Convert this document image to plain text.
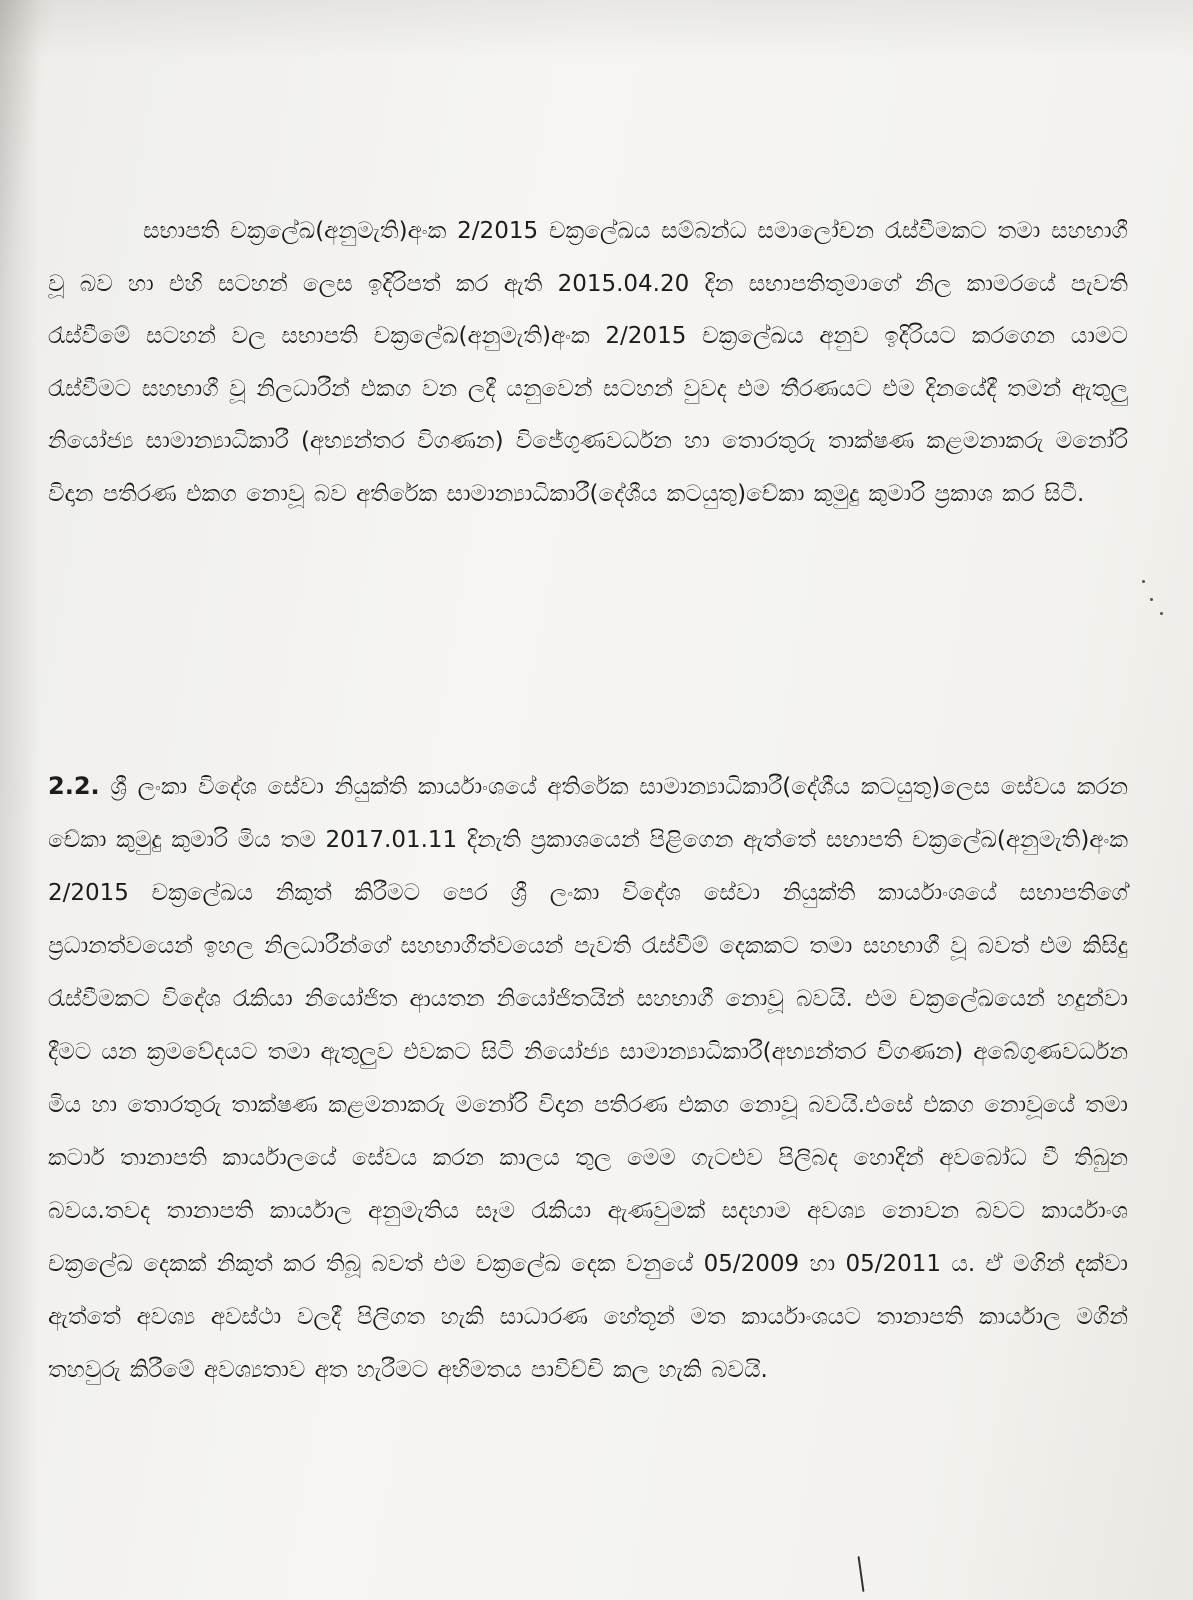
සභාපති චක්‍රලේඛ(අනුමැති)අංක 2/2015 චක්‍රලේඛය සම්බන්ධ සමාලෝචන රැස්වීමකට තමා සහභාගී වූ බව හා එහි සටහන් ලෙස ඉදිරිපත් කර ඇති 2015.04.20 දින සභාපතිතුමාගේ නිල කාමරයේ පැවති රැස්වීමේ සටහන් වල සභාපති චක්‍රලේඛ(අනුමැති)අංක 2/2015 චක්‍රලේඛය අනුව ඉදිරියට කරගෙන යාමට රැස්වීමට සහභාගී වූ නිලධාරීන් එකග වන ලදී යනුවෙන් සටහන් වුවද එම තීරණයට එම දිනයේදී තමන් ඇතුලු නියෝජ්‍ය සාමාන්‍යාධිකාරී (අභ්‍යන්තර විගණන) විජේගුණවර්ධන හා තොරතුරු තාක්ෂණ කළමනාකරු මනෝරි විදාන පතිරණ එකග නොවූ බව අතිරේක සාමාන්‍යාධිකාරී(දේශීය කටයුතු)චේකා කුමුදු කුමාරි ප්‍රකාශ කර සිටී.

2.2. ශ්‍රී ලංකා විදේශ සේවා නියුක්ති කාර්යාංශයේ අතිරේක සාමාන්‍යාධිකාරී(දේශීය කටයුතු)ලෙස සේවය කරන චේකා කුමුදු කුමාරි මිය තම 2017.01.11 දිනැති ප්‍රකාශයෙන් පිළිගෙන ඇත්තේ සභාපති චක්‍රලේඛ(අනුමැති)අංක 2/2015 චක්‍රලේඛය නිකුත් කිරීමට පෙර ශ්‍රී ලංකා විදේශ සේවා නියුක්ති කාර්යාංශයේ සභාපතිගේ ප්‍රධානත්වයෙන් ඉහල නිලධාරීන්ගේ සහභාගීත්වයෙන් පැවති රැස්වීම් දෙකකට තමා සහභාගී වූ බවත් එම කිසිදු රැස්වීමකට විදේශ රැකියා නියෝජිත ආයතන නියෝජිතයින් සහභාගී නොවූ බවයි. එම චක්‍රලේඛයෙන් හදුන්වා දීමට යන ක්‍රමවේදයට තමා ඇතුලුව එවකට සිටි නියෝජ්‍ය සාමාන්‍යාධිකාරී(අභ්‍යන්තර විගණන) අබේගුණවර්ධන මිය හා තොරතුරු තාක්ෂණ කළමනාකරු මනෝරි විදාන පතිරණ එකග නොවූ බවයි.එසේ එකග නොවූයේ තමා කටාර් තානාපති කාර්යාලයේ සේවය කරන කාලය තුල මෙම ගැටළුව පිලිබද හොදින් අවබෝධ වී තිබුන බවය.තවද තානාපති කාර්යාල අනුමැතිය සෑම රැකියා ඇණවුමක් සදහාම අවශ්‍ය නොවන බවට කාර්යාංශ චක්‍රලේඛ දෙකක් නිකුත් කර තිබූ බවත් එම චක්‍රලේඛ දෙක වනුයේ 05/2009 හා 05/2011 ය. ඒ මගින් දක්වා ඇත්තේ අවශ්‍ය අවස්ථා වලදී පිලිගත හැකි සාධාරණ හේතූන් මත කාර්යාංශයට තානාපති කාර්යාල මගින් තහවුරු කිරීමේ අවශ්‍යතාව අත හැරීමට අභිමතය පාවිච්චි කල හැකි බවයි.
